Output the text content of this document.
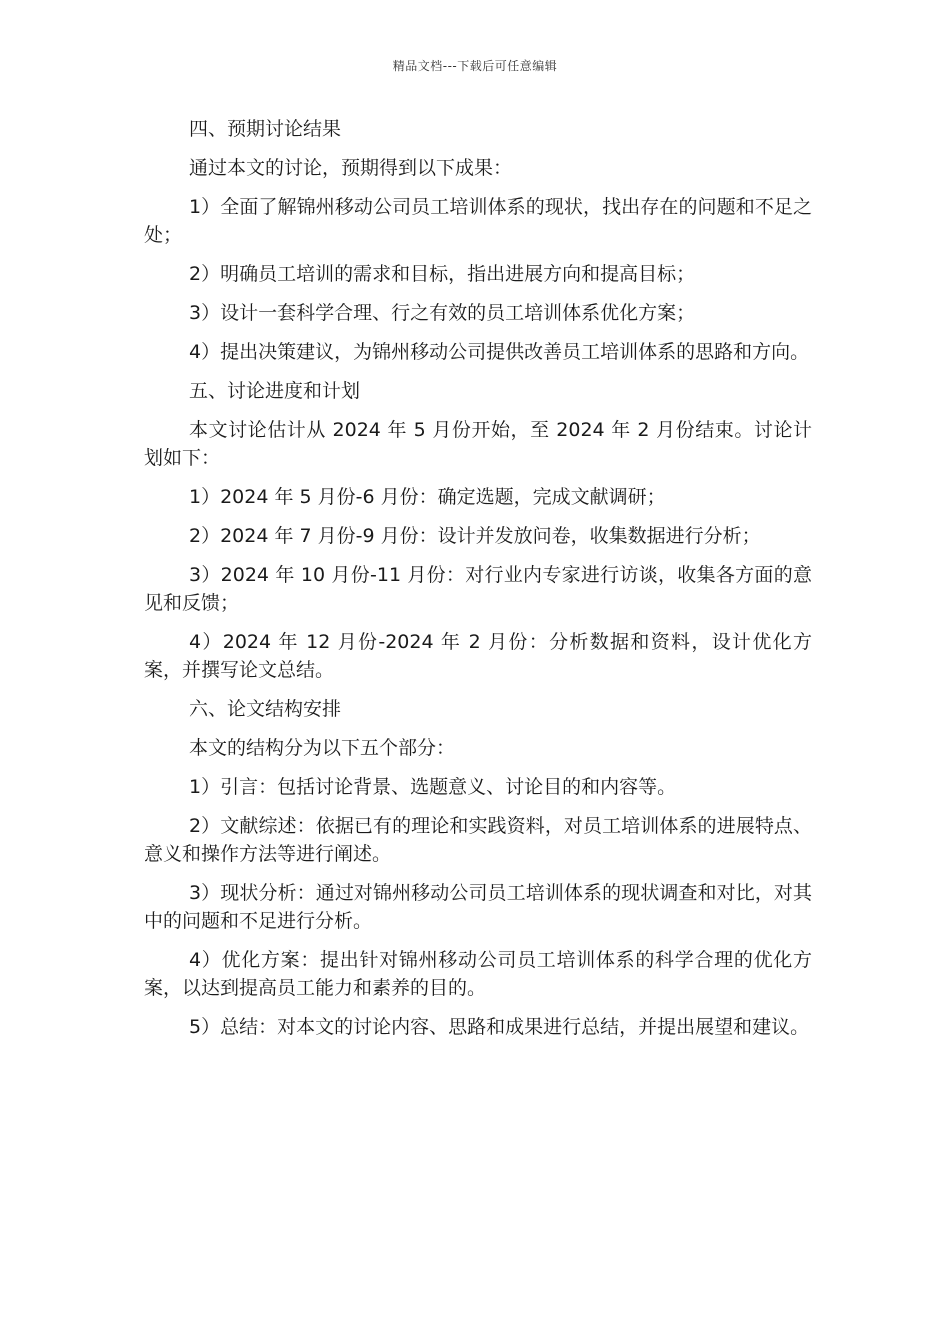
精品文档---下载后可任意编辑

四、预期讨论结果

通过本文的讨论，预期得到以下成果：

1）全面了解锦州移动公司员工培训体系的现状，找出存在的问题和不足之处；

2）明确员工培训的需求和目标，指出进展方向和提高目标；

3）设计一套科学合理、行之有效的员工培训体系优化方案；

4）提出决策建议，为锦州移动公司提供改善员工培训体系的思路和方向。

五、讨论进度和计划

本文讨论估计从 2024 年 5 月份开始，至 2024 年 2 月份结束。讨论计划如下：

1）2024 年 5 月份-6 月份：确定选题，完成文献调研；

2）2024 年 7 月份-9 月份：设计并发放问卷，收集数据进行分析；

3）2024 年 10 月份-11 月份：对行业内专家进行访谈，收集各方面的意见和反馈；

4）2024 年 12 月份-2024 年 2 月份：分析数据和资料，设计优化方案，并撰写论文总结。

六、论文结构安排

本文的结构分为以下五个部分：

1）引言：包括讨论背景、选题意义、讨论目的和内容等。

2）文献综述：依据已有的理论和实践资料，对员工培训体系的进展特点、意义和操作方法等进行阐述。

3）现状分析：通过对锦州移动公司员工培训体系的现状调查和对比，对其中的问题和不足进行分析。

4）优化方案：提出针对锦州移动公司员工培训体系的科学合理的优化方案，以达到提高员工能力和素养的目的。

5）总结：对本文的讨论内容、思路和成果进行总结，并提出展望和建议。
